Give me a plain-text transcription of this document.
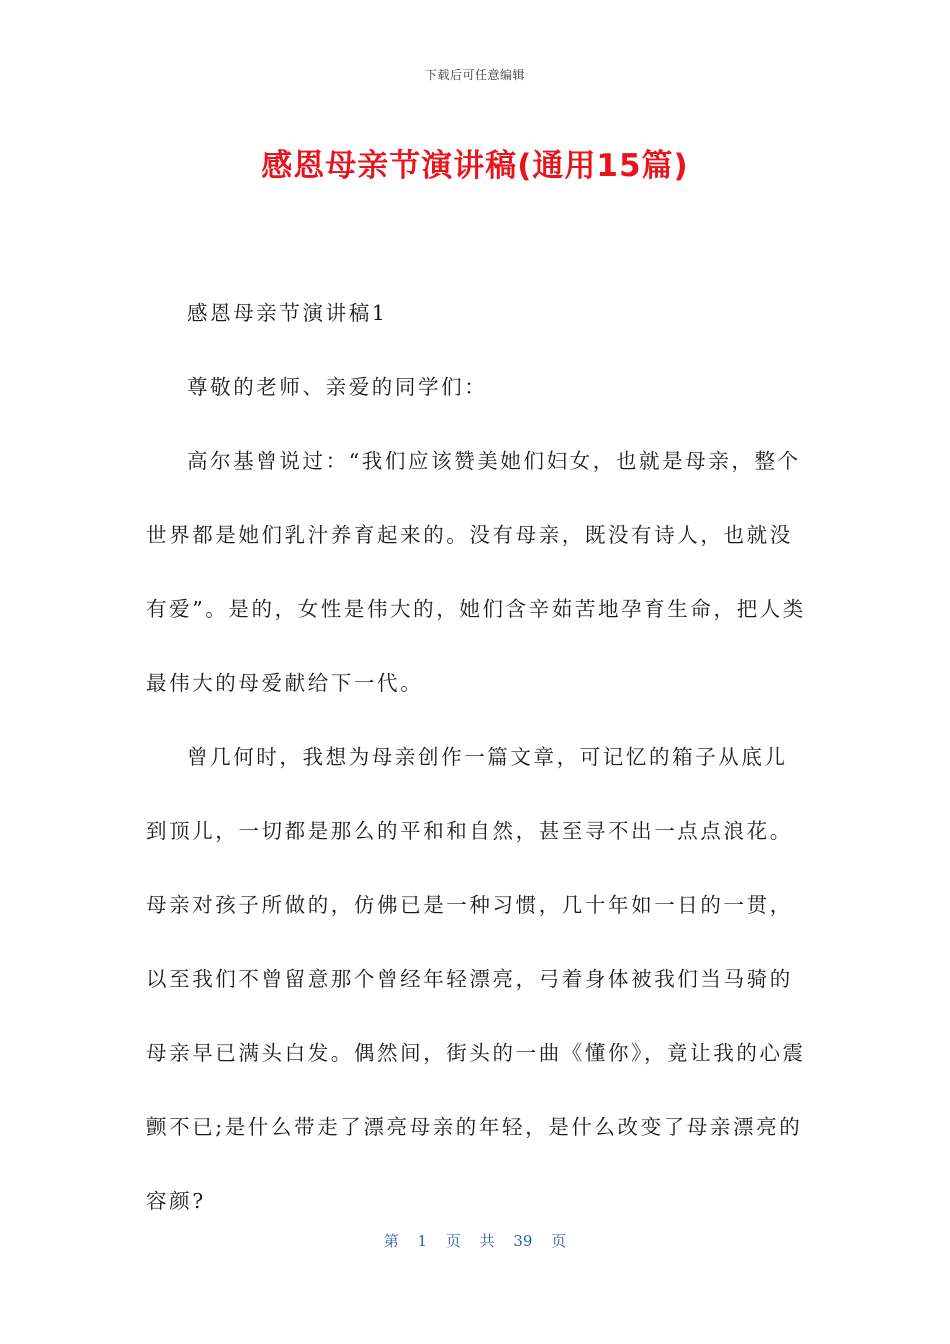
下载后可任意编辑
感恩母亲节演讲稿(通用15篇)

感恩母亲节演讲稿1

尊敬的老师、亲爱的同学们：

高尔基曾说过：“我们应该赞美她们妇女，也就是母亲，整个世界都是她们乳汁养育起来的。没有母亲，既没有诗人，也就没有爱”。是的，女性是伟大的，她们含辛茹苦地孕育生命，把人类最伟大的母爱献给下一代。

曾几何时，我想为母亲创作一篇文章，可记忆的箱子从底儿到顶儿，一切都是那么的平和和自然，甚至寻不出一点点浪花。母亲对孩子所做的，仿佛已是一种习惯，几十年如一日的一贯，以至我们不曾留意那个曾经年轻漂亮，弓着身体被我们当马骑的母亲早已满头白发。偶然间，街头的一曲《懂你》，竟让我的心震颤不已;是什么带走了漂亮母亲的年轻，是什么改变了母亲漂亮的容颜?

第 1 页 共 39 页
